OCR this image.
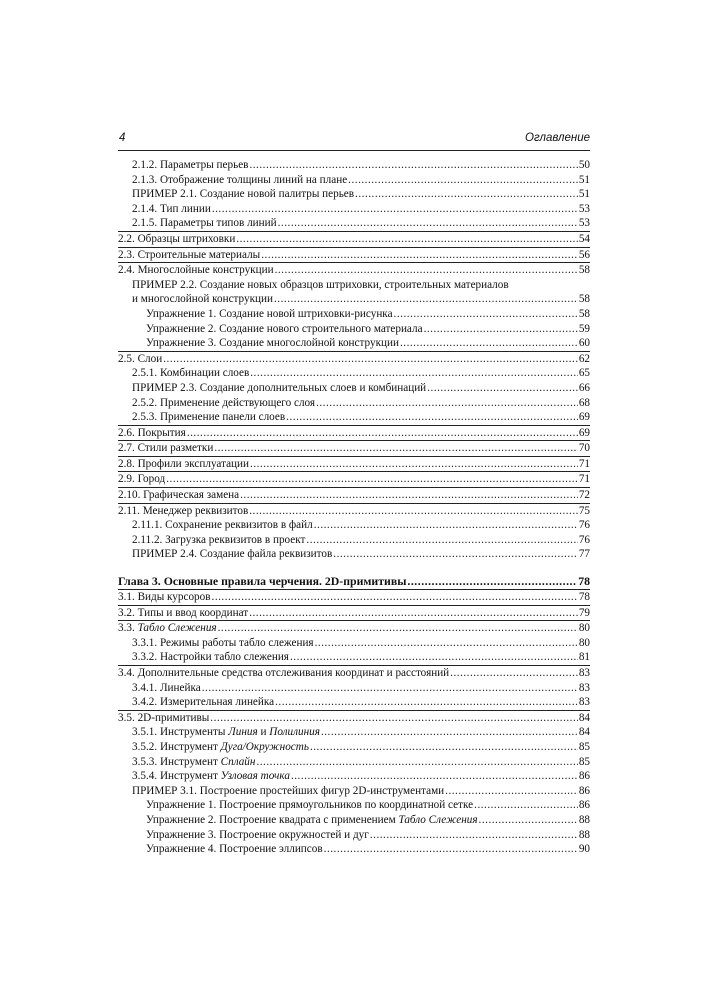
4	Оглавление
2.1.2. Параметры перьев .....	50
2.1.3. Отображение толщины линий на плане .....	51
ПРИМЕР 2.1. Создание новой палитры перьев .....	51
2.1.4. Тип линии .....	53
2.1.5. Параметры типов линий .....	53
2.2. Образцы штриховки .....	54
2.3. Строительные материалы .....	56
2.4. Многослойные конструкции .....	58
ПРИМЕР 2.2. Создание новых образцов штриховки, строительных материалов
и многослойной конструкции .....	58
Упражнение 1. Создание новой штриховки-рисунка .....	58
Упражнение 2. Создание нового строительного материала .....	59
Упражнение 3. Создание многослойной конструкции .....	60
2.5. Слои .....	62
2.5.1. Комбинации слоев .....	65
ПРИМЕР 2.3. Создание дополнительных слоев и комбинаций .....	66
2.5.2. Применение действующего слоя .....	68
2.5.3. Применение панели слоев .....	69
2.6. Покрытия .....	69
2.7. Стили разметки .....	70
2.8. Профили эксплуатации .....	71
2.9. Город .....	71
2.10. Графическая замена .....	72
2.11. Менеджер реквизитов .....	75
2.11.1. Сохранение реквизитов в файл .....	76
2.11.2. Загрузка реквизитов в проект .....	76
ПРИМЕР 2.4. Создание файла реквизитов .....	77
Глава 3. Основные правила черчения. 2D-примитивы .....	78
3.1. Виды курсоров .....	78
3.2. Типы и ввод координат .....	79
3.3. Табло Слежения .....	80
3.3.1. Режимы работы табло слежения .....	80
3.3.2. Настройки табло слежения .....	81
3.4. Дополнительные средства отслеживания координат и расстояний .....	83
3.4.1. Линейка .....	83
3.4.2. Измерительная линейка .....	83
3.5. 2D-примитивы .....	84
3.5.1. Инструменты Линия и Полилиния .....	84
3.5.2. Инструмент Дуга/Окружность .....	85
3.5.3. Инструмент Сплайн .....	85
3.5.4. Инструмент Узловая точка .....	86
ПРИМЕР 3.1. Построение простейших фигур 2D-инструментами .....	86
Упражнение 1. Построение прямоугольников по координатной сетке .....	86
Упражнение 2. Построение квадрата с применением Табло Слежения .....	88
Упражнение 3. Построение окружностей и дуг .....	88
Упражнение 4. Построение эллипсов .....	90
